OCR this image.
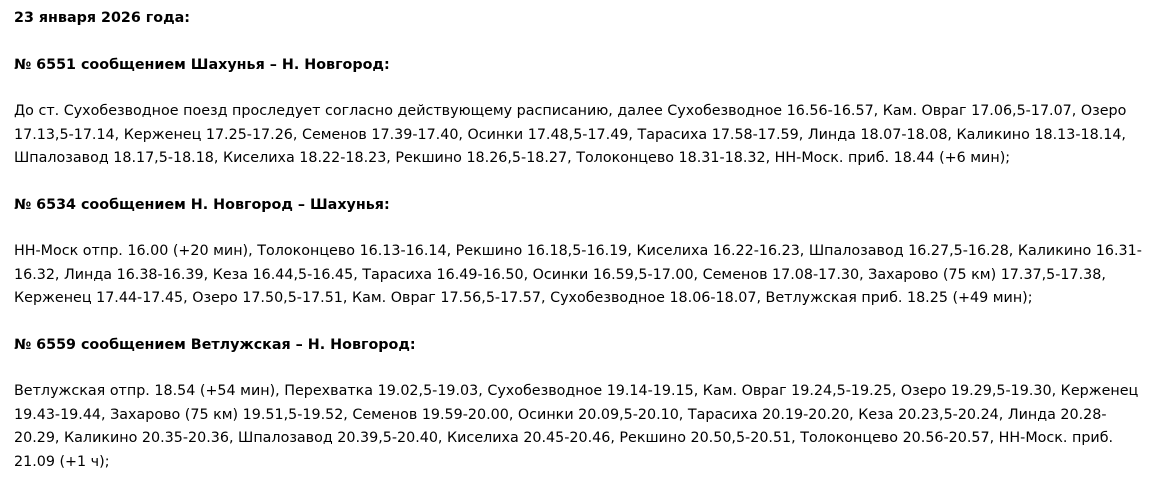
23 января 2026 года:

№ 6551 сообщением Шахунья – Н. Новгород:

До ст. Сухобезводное поезд проследует согласно действующему расписанию, далее Сухобезводное 16.56-16.57, Кам. Овраг 17.06,5-17.07, Озеро 17.13,5-17.14, Керженец 17.25-17.26, Семенов 17.39-17.40, Осинки 17.48,5-17.49, Тарасиха 17.58-17.59, Линда 18.07-18.08, Каликино 18.13-18.14, Шпалозавод 18.17,5-18.18, Киселиха 18.22-18.23, Рекшино 18.26,5-18.27, Толоконцево 18.31-18.32, НН-Моск. приб. 18.44 (+6 мин);

№ 6534 сообщением Н. Новгород – Шахунья:

НН-Моск отпр. 16.00 (+20 мин), Толоконцево 16.13-16.14, Рекшино 16.18,5-16.19, Киселиха 16.22-16.23, Шпалозавод 16.27,5-16.28, Каликино 16.31-16.32, Линда 16.38-16.39, Кеза 16.44,5-16.45, Тарасиха 16.49-16.50, Осинки 16.59,5-17.00, Семенов 17.08-17.30, Захарово (75 км) 17.37,5-17.38, Керженец 17.44-17.45, Озеро 17.50,5-17.51, Кам. Овраг 17.56,5-17.57, Сухобезводное 18.06-18.07, Ветлужская приб. 18.25 (+49 мин);

№ 6559 сообщением Ветлужская – Н. Новгород:

Ветлужская отпр. 18.54 (+54 мин), Перехватка 19.02,5-19.03, Сухобезводное 19.14-19.15, Кам. Овраг 19.24,5-19.25, Озеро 19.29,5-19.30, Керженец 19.43-19.44, Захарово (75 км) 19.51,5-19.52, Семенов 19.59-20.00, Осинки 20.09,5-20.10, Тарасиха 20.19-20.20, Кеза 20.23,5-20.24, Линда 20.28-20.29, Каликино 20.35-20.36, Шпалозавод 20.39,5-20.40, Киселиха 20.45-20.46, Рекшино 20.50,5-20.51, Толоконцево 20.56-20.57, НН-Моск. приб. 21.09 (+1 ч);
